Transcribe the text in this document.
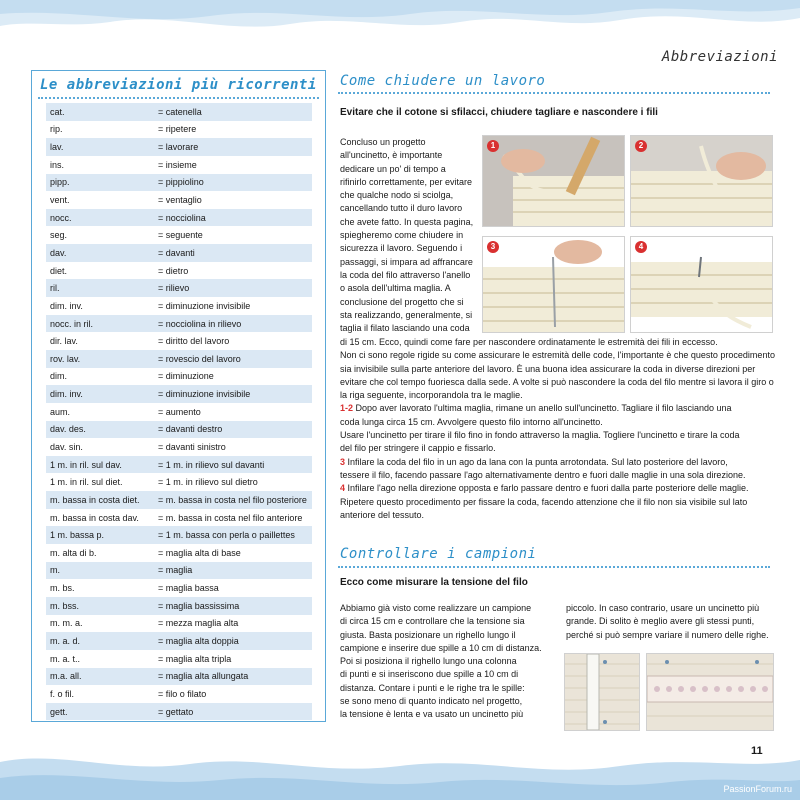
Abbreviazioni
Le abbreviazioni più ricorrenti
cat.	= catenella
rip.	= ripetere
lav.	= lavorare
ins.	= insieme
pipp.	= pippiolino
vent.	= ventaglio
nocc.	= nocciolina
seg.	= seguente
dav.	= davanti
diet.	= dietro
ril.	= rilievo
dim. inv.	= diminuzione invisibile
nocc. in ril.	= nocciolina in rilievo
dir. lav.	= diritto del lavoro
rov. lav.	= rovescio del lavoro
dim.	= diminuzione
dim. inv.	= diminuzione invisibile
aum.	= aumento
dav. des.	= davanti destro
dav. sin.	= davanti sinistro
1 m. in ril. sul dav.	= 1 m. in rilievo sul davanti
1 m. in ril. sul diet.	= 1 m. in rilievo sul dietro
m. bassa in costa diet.	= m. bassa in costa nel filo posteriore
m. bassa in costa dav.	= m. bassa in costa nel filo anteriore
1 m. bassa p.	= 1 m. bassa con perla o paillettes
m. alta di b.	= maglia alta di base
m.	= maglia
m. bs.	= maglia bassa
m. bss.	= maglia bassissima
m. m. a.	= mezza maglia alta
m. a. d.	= maglia alta doppia
m. a. t..	= maglia alta tripla
m.a. all.	= maglia alta allungata
f. o fil.	= filo o filato
gett.	= gettato
Come chiudere un lavoro
Evitare che il cotone si sfilacci, chiudere tagliare e nascondere i fili

Concluso un progetto

all'uncinetto, è importante

dedicare un po' di tempo a

rifinirlo correttamente, per evitare

che qualche nodo si sciolga,

cancellando tutto il duro lavoro

che avete fatto. In questa pagina,

spiegheremo come chiudere in

sicurezza il lavoro. Seguendo i

passaggi, si impara ad affrancare

la coda del filo attraverso l'anello

o asola dell'ultima maglia. A

conclusione del progetto che si

sta realizzando, generalmente, si

taglia il filato lasciando una coda

1	2
3	4

di 15 cm. Ecco, quindi come fare per nascondere ordinatamente le estremità dei fili in eccesso.

Non ci sono regole rigide su come assicurare le estremità delle code, l'importante è che questo procedimento

sia invisibile sulla parte anteriore del lavoro. È una buona idea assicurare la coda in diverse direzioni per

evitare che col tempo fuoriesca dalla sede. A volte si può nascondere la coda del filo mentre si lavora il giro o

la riga seguente, incorporandola tra le maglie.

1-2 Dopo aver lavorato l'ultima maglia, rimane un anello sull'uncinetto. Tagliare il filo lasciando una

coda lunga circa 15 cm. Avvolgere questo filo intorno all'uncinetto.

Usare l'uncinetto per tirare il filo fino in fondo attraverso la maglia. Togliere l'uncinetto e tirare la coda

del filo per stringere il cappio e fissarlo.

3 Infilare la coda del filo in un ago da lana con la punta arrotondata. Sul lato posteriore del lavoro,

tessere il filo, facendo passare l'ago alternativamente dentro e fuori dalle maglie in una sola direzione.

4 Infilare l'ago nella direzione opposta e farlo passare dentro e fuori dalla parte posteriore delle maglie.

Ripetere questo procedimento per fissare la coda, facendo attenzione che il filo non sia visibile sul lato

anteriore del tessuto.

Controllare i campioni
Ecco come misurare la tensione del filo

Abbiamo già visto come realizzare un campione

di circa 15 cm e controllare che la tensione sia

giusta. Basta posizionare un righello lungo il

campione e inserire due spille a 10 cm di distanza.

Poi si posiziona il righello lungo una colonna

di punti e si inseriscono due spille a 10 cm di

distanza. Contare i punti e le righe tra le spille:

se sono meno di quanto indicato nel progetto,

la tensione è lenta e va usato un uncinetto più

piccolo. In caso contrario, usare un uncinetto più

grande. Di solito è meglio avere gli stessi punti,

perché si può sempre variare il numero delle righe.

11
PassionForum.ru
